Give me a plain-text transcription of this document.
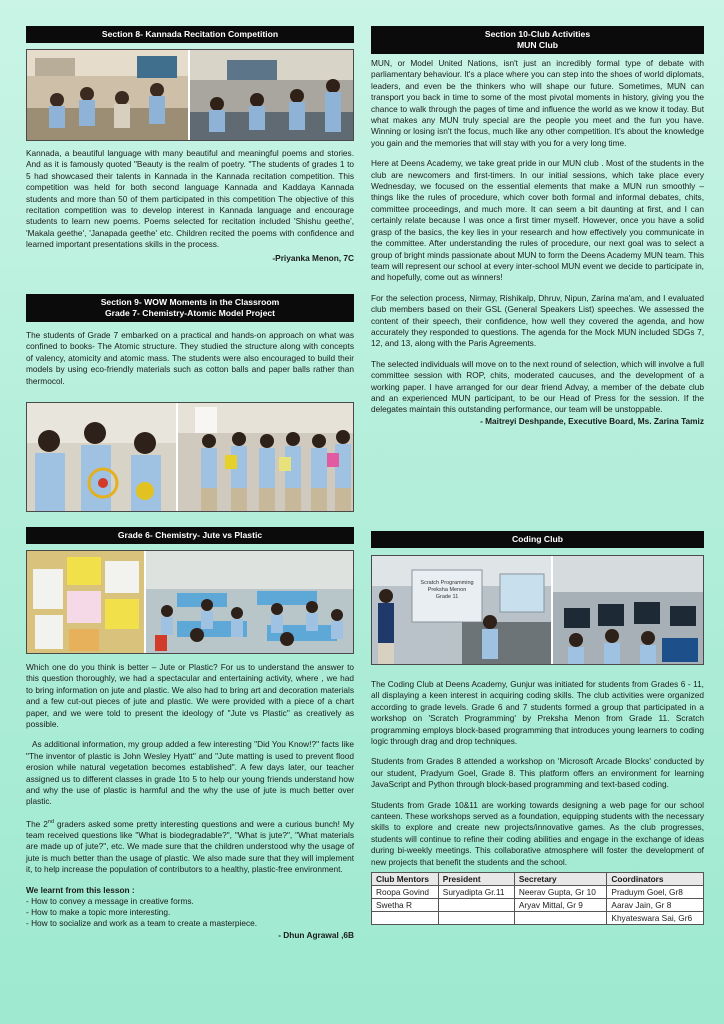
Section 8- Kannada Recitation Competition
Kannada, a beautiful language with many beautiful and meaningful poems and stories. And as it is famously quoted "Beauty is the realm of poetry. "The students of grades 1 to 5 had showcased their talents in Kannada in the Kannada recitation competition. This competition was held for both second language Kannada and Kaddaya Kannada students and more than 50 of them participated in this competition The objective of this recitation competition was to develop interest in Kannada language and encourage students to learn new poems. Poems selected for recitation included 'Shishu geethe', 'Makala geethe', 'Janapada geethe' etc. Children recited the poems with confidence and learned important presentations skills in the process.
-Priyanka Menon, 7C
Section 9- WOW Moments in the Classroom
Grade 7- Chemistry-Atomic Model Project
The students of Grade 7 embarked on a practical and hands-on approach on what was confined to books- The Atomic structure. They studied the structure along with concepts of valency, atomicity and atomic mass. The students were also encouraged to build their models by using eco-friendly materials such as cotton balls and paper balls rather than thermocol.
Grade 6- Chemistry- Jute vs Plastic
Which one do you think is better – Jute or Plastic? For us to understand the answer to this question thoroughly, we had a spectacular and entertaining activity, where , we had to bring information on jute and plastic. We also had to bring art and decoration materials and a few cut-out pieces of jute and plastic. We were provided with a piece of a chart paper, and we were told to present the ideology of "Jute vs Plastic" as creatively as possible.
As additional information, my group added a few interesting "Did You Know!?" facts like "The inventor of plastic is John Wesley Hyatt" and "Jute matting is used to prevent flood erosion while natural vegetation becomes established". A few days later, our teacher assigned us to different classes in grade 1to 5 to help our young friends understand how and why the use of plastic is harmful and the why the use of jute is much better over plastic.
The 2nd graders asked some pretty interesting questions and were a curious bunch! My team received questions like "What is biodegradable?", "What is jute?", "What materials are made up of jute?", etc. We made sure that the children understood why the usage of jute is much better than the usage of plastic. We also made sure that they will implement it, to help increase the population of contributors to a healthy, plastic-free environment.
We learnt from this lesson :
- How to convey a message in creative forms.
- How to make a topic more interesting.
- How to socialize and work as a team to create a masterpiece.
- Dhun Agrawal ,6B
Section 10-Club Activities
MUN Club
MUN, or Model United Nations, isn't just an incredibly formal type of debate with parliamentary behaviour. It's a place where you can step into the shoes of world diplomats, leaders, and even be the thinkers who will shape our future. Sometimes, MUN can transport you back in time to some of the most pivotal moments in history, giving you the chance to walk through the pages of time and influence the world as we know it today. But what makes any MUN truly special are the people you meet and the fun you have. Winning or losing isn't the focus, much like any other competition. It's about the knowledge you gain and the memories that will stay with you for a very long time.
Here at Deens Academy, we take great pride in our MUN club . Most of the students in the club are newcomers and first-timers. In our initial sessions, which take place every Wednesday, we focused on the essential elements that make a MUN run smoothly – things like the rules of procedure, which cover both formal and informal debates, chits, committee proceedings, and much more. It can seem a bit daunting at first, and I can certainly relate because I was once a first timer myself. However, once you have a solid grasp of the basics, the key lies in your research and how effectively you communicate in the committee. After understanding the rules of procedure, our next goal was to select a group of bright minds passionate about MUN to form the Deens Academy MUN team. This team will represent our school at every inter-school MUN event we decide to participate in, and hopefully, come out as winners!
For the selection process, Nirmay, Rishikalp, Dhruv, Nipun, Zarina ma'am, and I evaluated club members based on their GSL (General Speakers List) speeches. We assessed the content of their speech, their confidence, how well they covered the agenda, and how accurately they responded to questions. The agenda for the Mock MUN included SDGs 7, 12, and 13, along with the Paris Agreements.
The selected individuals will move on to the next round of selection, which will involve a full committee session with ROP, chits, moderated caucuses, and the development of a working paper. I have arranged for our dear friend Advay, a member of the debate club and an experienced MUN participant, to be our Head of Press for the session. If the delegates maintain this outstanding performance, our team will be unstoppable.
- Maitreyi Deshpande, Executive Board, Ms. Zarina Tamiz
Coding Club
Scratch Programming
Preksha Menon
Grade 11
The Coding Club at Deens Academy, Gunjur was initiated for students from Grades 6 - 11, all displaying a keen interest in acquiring coding skills. The club activities were organized according to grade levels. Grade 6 and 7 students formed a group that participated in a workshop on 'Scratch Programming' by Preksha Menon from Grade 11. Scratch programming employs block-based programming that introduces young learners to coding logic through drag and drop techniques.
Students from Grades 8 attended a workshop on 'Microsoft Arcade Blocks' conducted by our student, Pradyum Goel, Grade 8. This platform offers an environment for learning JavaScript and Python through block-based programming and text-based coding.
Students from Grade 10&11 are working towards designing a web page for our school canteen. These workshops served as a foundation, equipping students with the necessary skills to explore and create new projects/innovative games. As the club progresses, students will continue to refine their coding abilities and engage in the exchange of ideas during bi-weekly meetings. This collaborative atmosphere will foster the development of new projects that benefit the students and the school.
Club Mentors	President	Secretary	Coordinators
Roopa Govind	Suryadipta Gr.11	Neerav Gupta, Gr 10	Praduym Goel, Gr8
Swetha R		Aryav Mittal, Gr 9	Aarav Jain, Gr 8
			Khyateswara Sai, Gr6
